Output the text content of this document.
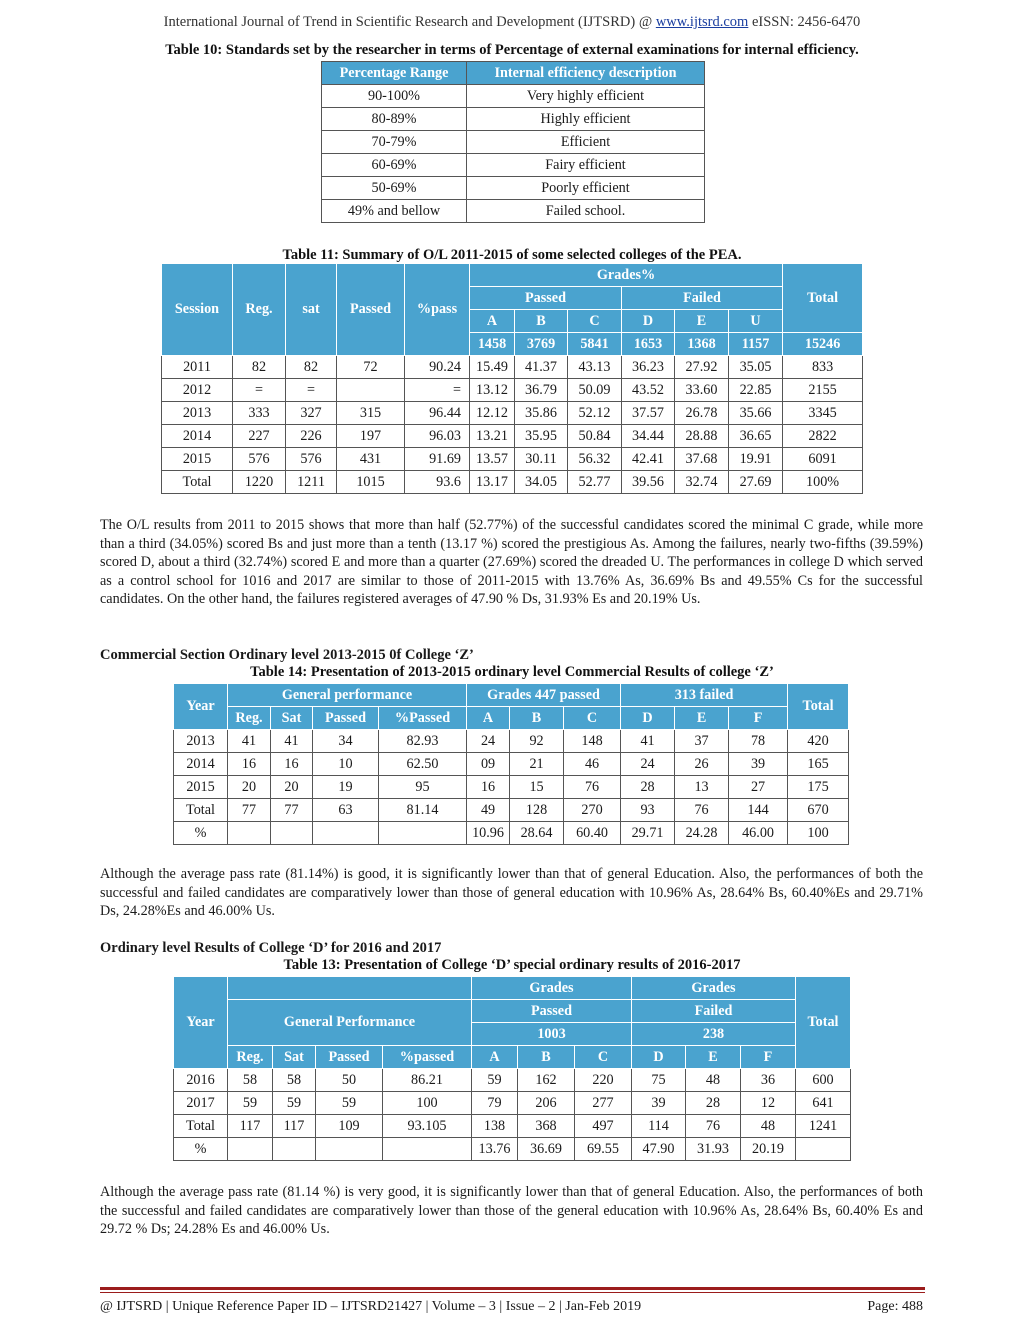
International Journal of Trend in Scientific Research and Development (IJTSRD) @ www.ijtsrd.com eISSN: 2456-6470
Table 10: Standards set by the researcher in terms of Percentage of external examinations for internal efficiency.
Percentage Range	Internal efficiency description
90-100%	Very highly efficient
80-89%	Highly efficient
70-79%	Efficient
60-69%	Fairy efficient
50-69%	Poorly efficient
49% and bellow	Failed school.
Table 11: Summary of O/L 2011-2015 of some selected colleges of the PEA.
Session	Reg.	sat	Passed	%pass	Grades%						Total
					Passed			Failed			
					A	B	C	D	E	U	
					1458	3769	5841	1653	1368	1157	15246
2011	82	82	72	90.24	15.49	41.37	43.13	36.23	27.92	35.05	833
2012	=	=		=	13.12	36.79	50.09	43.52	33.60	22.85	2155
2013	333	327	315	96.44	12.12	35.86	52.12	37.57	26.78	35.66	3345
2014	227	226	197	96.03	13.21	35.95	50.84	34.44	28.88	36.65	2822
2015	576	576	431	91.69	13.57	30.11	56.32	42.41	37.68	19.91	6091
Total	1220	1211	1015	93.6	13.17	34.05	52.77	39.56	32.74	27.69	100%

The O/L results from 2011 to 2015 shows that more than half (52.77%) of the successful candidates scored the minimal C grade, while more than a third (34.05%) scored Bs and just more than a tenth (13.17 %) scored the prestigious As. Among the failures, nearly two-fifths (39.59%) scored D, about a third (32.74%) scored E and more than a quarter (27.69%) scored the dreaded U. The performances in college D which served as a control school for 1016 and 2017 are similar to those of 2011-2015 with 13.76% As, 36.69% Bs and 49.55% Cs for the successful candidates. On the other hand, the failures registered averages of 47.90 % Ds, 31.93% Es and 20.19% Us.

Commercial Section Ordinary level 2013-2015 0f College ‘Z’
Table 14: Presentation of 2013-2015 ordinary level Commercial Results of college ‘Z’
Year	General performance				Grades 447 passed			313 failed			Total
	Reg.	Sat	Passed	%Passed	A	B	C	D	E	F	
2013	41	41	34	82.93	24	92	148	41	37	78	420
2014	16	16	10	62.50	09	21	46	24	26	39	165
2015	20	20	19	95	16	15	76	28	13	27	175
Total	77	77	63	81.14	49	128	270	93	76	144	670
%					10.96	28.64	60.40	29.71	24.28	46.00	100

Although the average pass rate (81.14%) is good, it is significantly lower than that of general Education. Also, the performances of both the successful and failed candidates are comparatively lower than those of general education with 10.96% As, 28.64% Bs, 60.40%Es and 29.71% Ds, 24.28%Es and 46.00% Us.

Ordinary level Results of College ‘D’ for 2016 and 2017
Table 13: Presentation of College ‘D’ special ordinary results of 2016-2017
Year					Grades			Grades			Total
	General Performance				Passed			Failed			
					1003			238			
	Reg.	Sat	Passed	%passed	A	B	C	D	E	F	
2016	58	58	50	86.21	59	162	220	75	48	36	600
2017	59	59	59	100	79	206	277	39	28	12	641
Total	117	117	109	93.105	138	368	497	114	76	48	1241
%					13.76	36.69	69.55	47.90	31.93	20.19	

Although the average pass rate (81.14 %) is very good, it is significantly lower than that of general Education. Also, the performances of both the successful and failed candidates are comparatively lower than those of the general education with 10.96% As, 28.64% Bs, 60.40% Es and 29.72 % Ds; 24.28% Es and 46.00% Us.

@ IJTSRD | Unique Reference Paper ID – IJTSRD21427 | Volume – 3 | Issue – 2 | Jan-Feb 2019	Page: 488
